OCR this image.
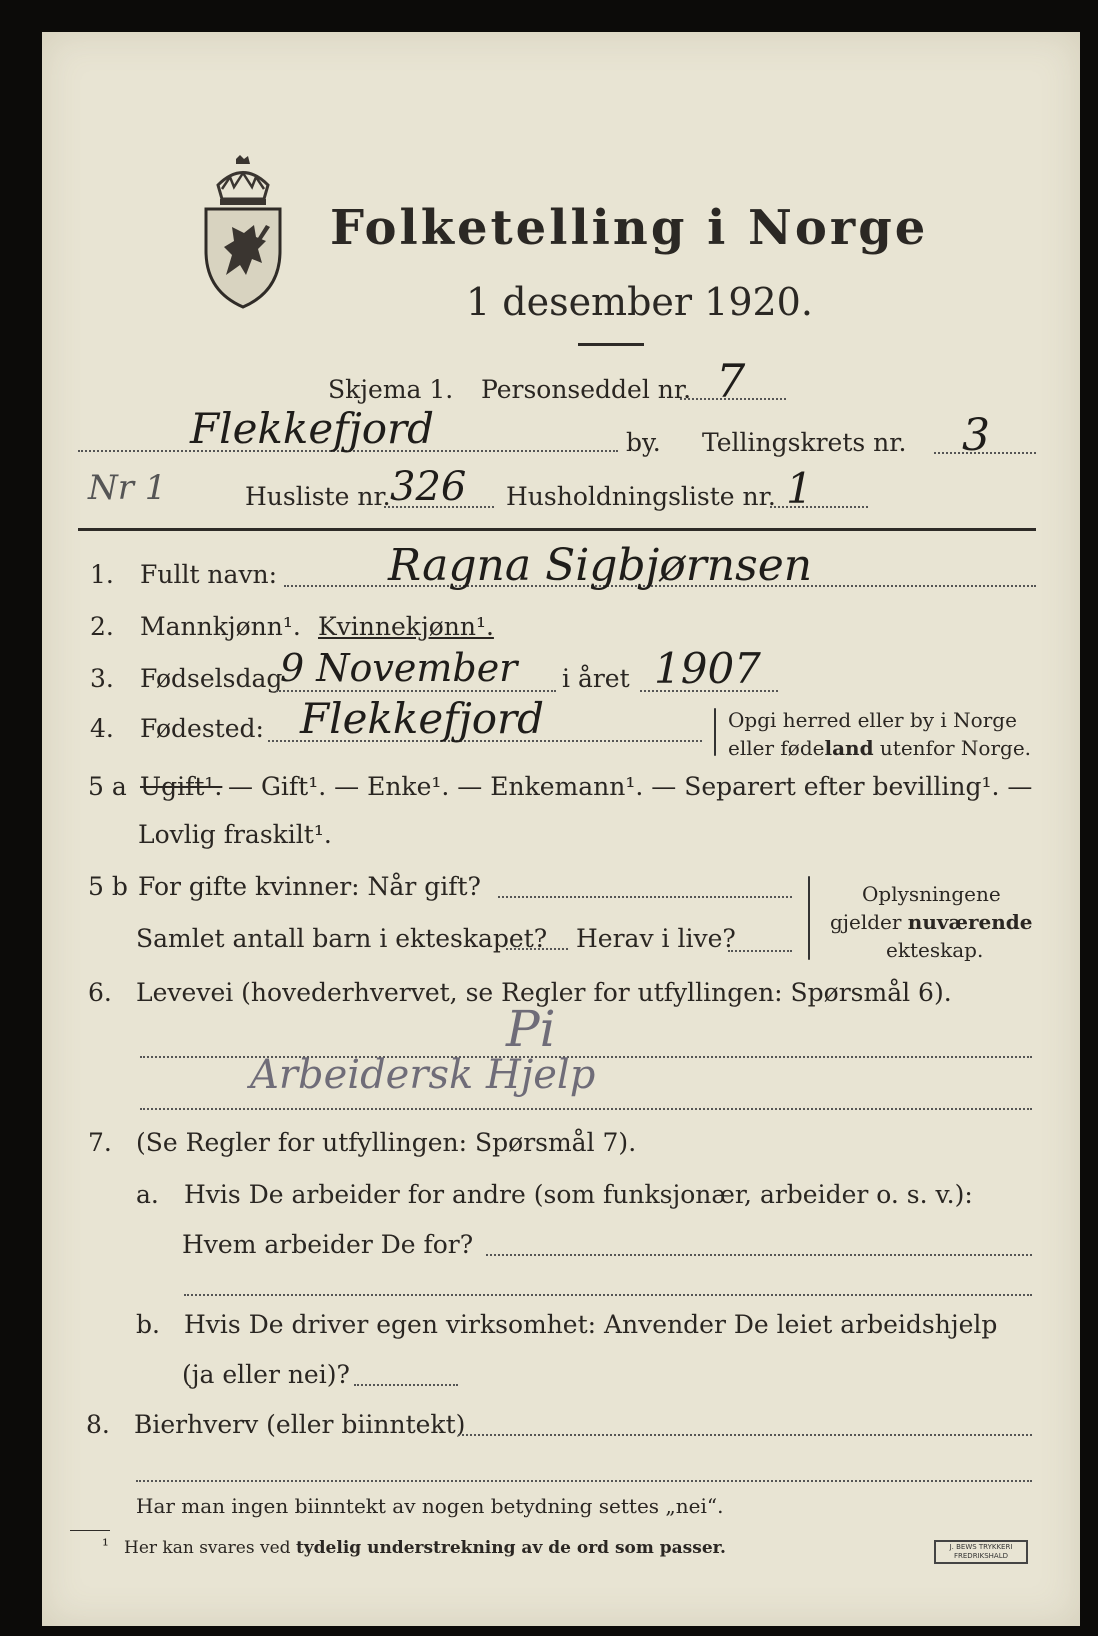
Folketelling i Norge
1 desember 1920.
Skjema 1. Personseddel nr. 7
Flekkefjord	by. Tellingskrets nr. 3
Nr 1	Husliste nr. 326 Husholdningsliste nr. 1
1. Fullt navn:	Ragna Sigbjørnsen
2. Mannkjønn¹. Kvinnekjønn¹.
3. Fødselsdag
9 November i året 1907
4. Fødested: Flekkefjord	Opgi herred eller by i Norge
eller fødeland utenfor Norge.
5 a Ugift¹. — Gift¹. — Enke¹. — Enkemann¹. — Separert efter bevilling¹. —
Lovlig fraskilt¹.
5 b For gifte kvinner: Når gift?
Samlet antall barn i ekteskapet? Herav i live?
Oplysningene
gjelder nuværende
ekteskap.
6. Levevei (hovederhvervet, se Regler for utfyllingen: Spørsmål 6).
Pi
Arbeidersk Hjelp
7. (Se Regler for utfyllingen: Spørsmål 7).
a. Hvis De arbeider for andre (som funksjonær, arbeider o. s. v.):
Hvem arbeider De for?
b. Hvis De driver egen virksomhet: Anvender De leiet arbeidshjelp
(ja eller nei)?
8. Bierhverv (eller biinntekt)
Har man ingen biinntekt av nogen betydning settes „nei“.
¹ Her kan svares ved tydelig understrekning av de ord som passer.	J. BEWS TRYKKERI
FREDRIKSHALD
